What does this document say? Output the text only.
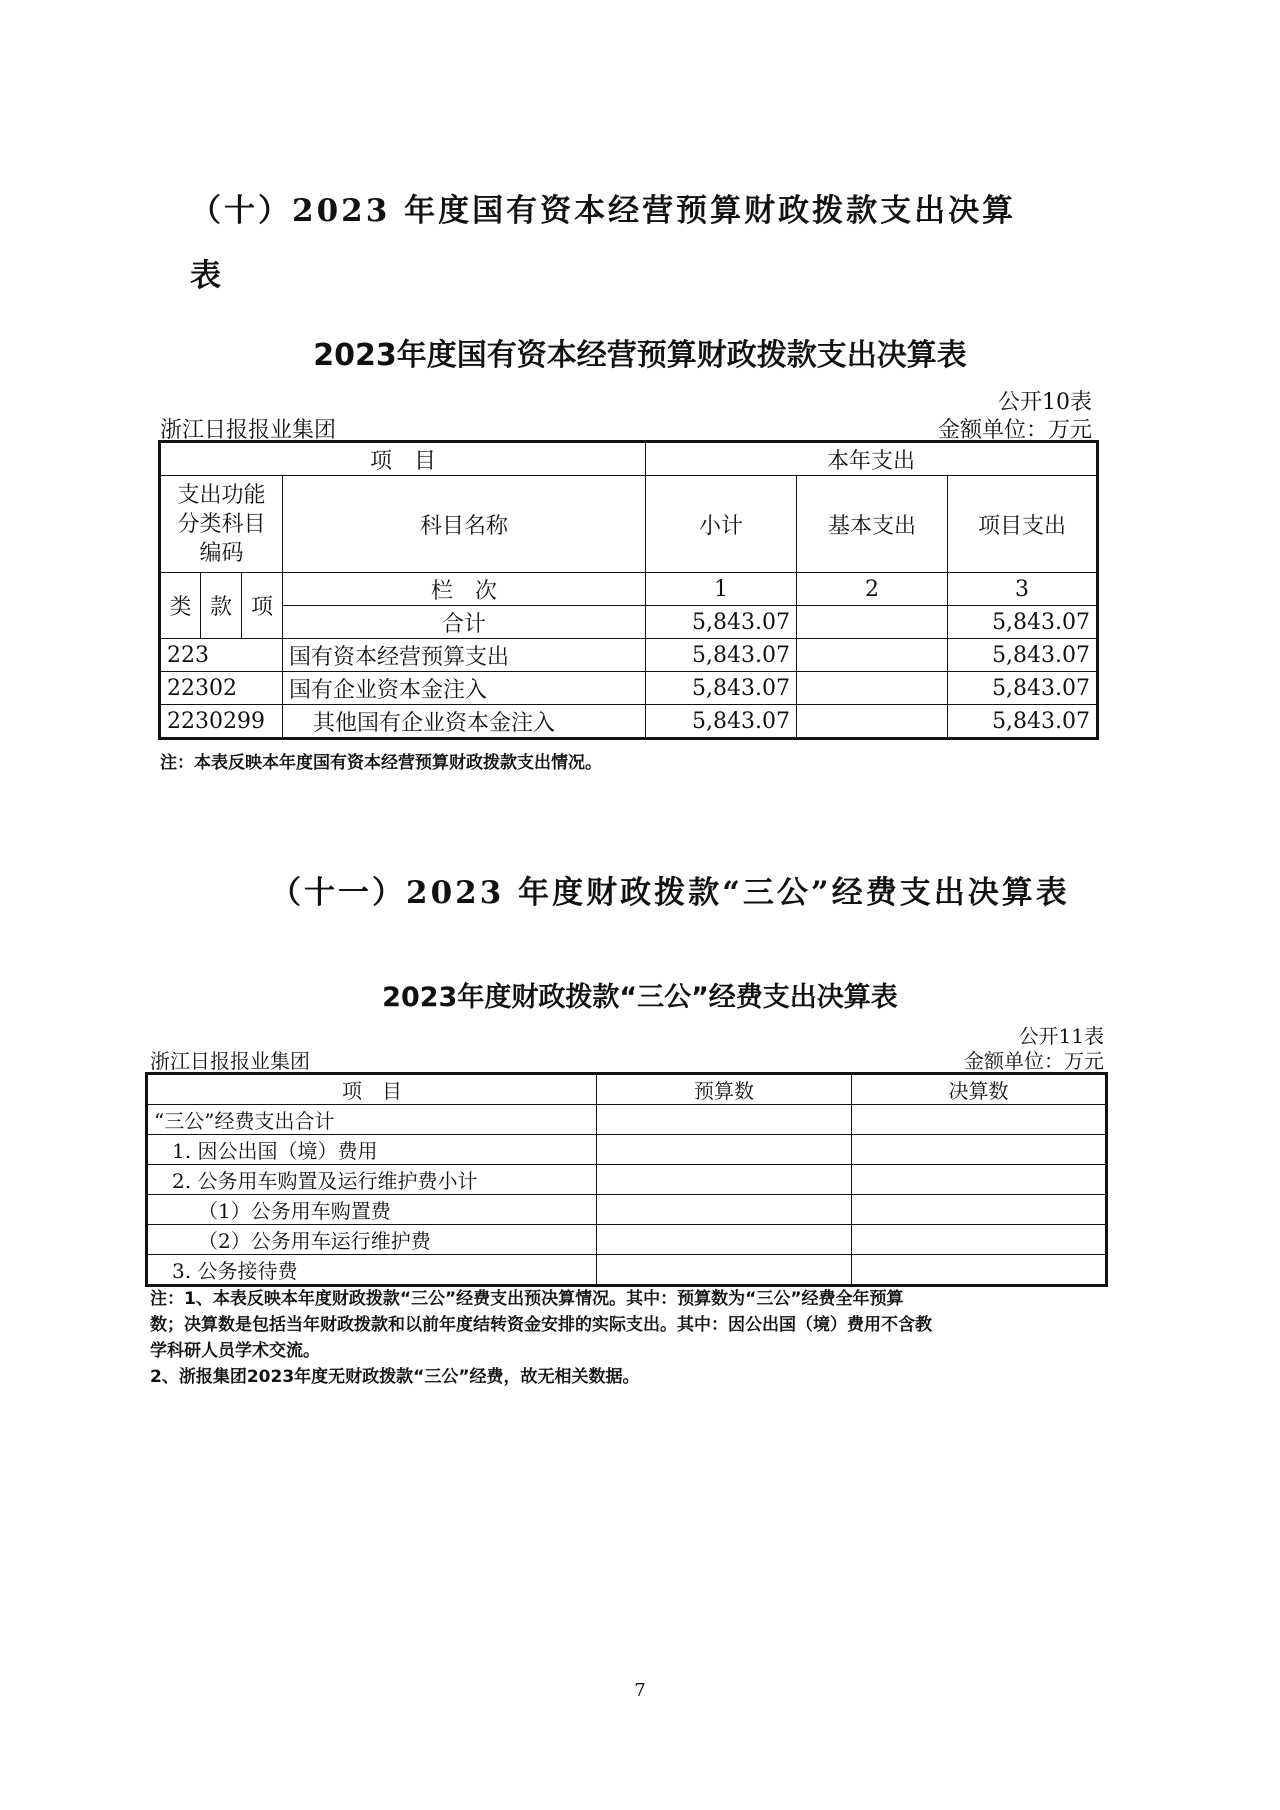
（十）2023 年度国有资本经营预算财政拨款支出决算
表
2023年度国有资本经营预算财政拨款支出决算表
公开10表
浙江日报报业集团	金额单位：万元
项　目				本年支出		
支出功能分类科目编码			科目名称	小计	基本支出	项目支出
类	款	项	栏　次	1	2	3
			合计	5,843.07		5,843.07
223			国有资本经营预算支出	5,843.07		5,843.07
22302			国有企业资本金注入	5,843.07		5,843.07
2230299			其他国有企业资本金注入	5,843.07		5,843.07
注：本表反映本年度国有资本经营预算财政拨款支出情况。
（十一）2023 年度财政拨款“三公”经费支出决算表
2023年度财政拨款“三公”经费支出决算表
公开11表
浙江日报报业集团	金额单位：万元
项　目	预算数	决算数
“三公”经费支出合计		
1. 因公出国（境）费用		
2. 公务用车购置及运行维护费小计		
（1）公务用车购置费		
（2）公务用车运行维护费		
3. 公务接待费		
注：1、本表反映本年度财政拨款“三公”经费支出预决算情况。其中：预算数为“三公”经费全年预算
数；决算数是包括当年财政拨款和以前年度结转资金安排的实际支出。其中：因公出国（境）费用不含教
学科研人员学术交流。
2、浙报集团2023年度无财政拨款“三公”经费，故无相关数据。
7
